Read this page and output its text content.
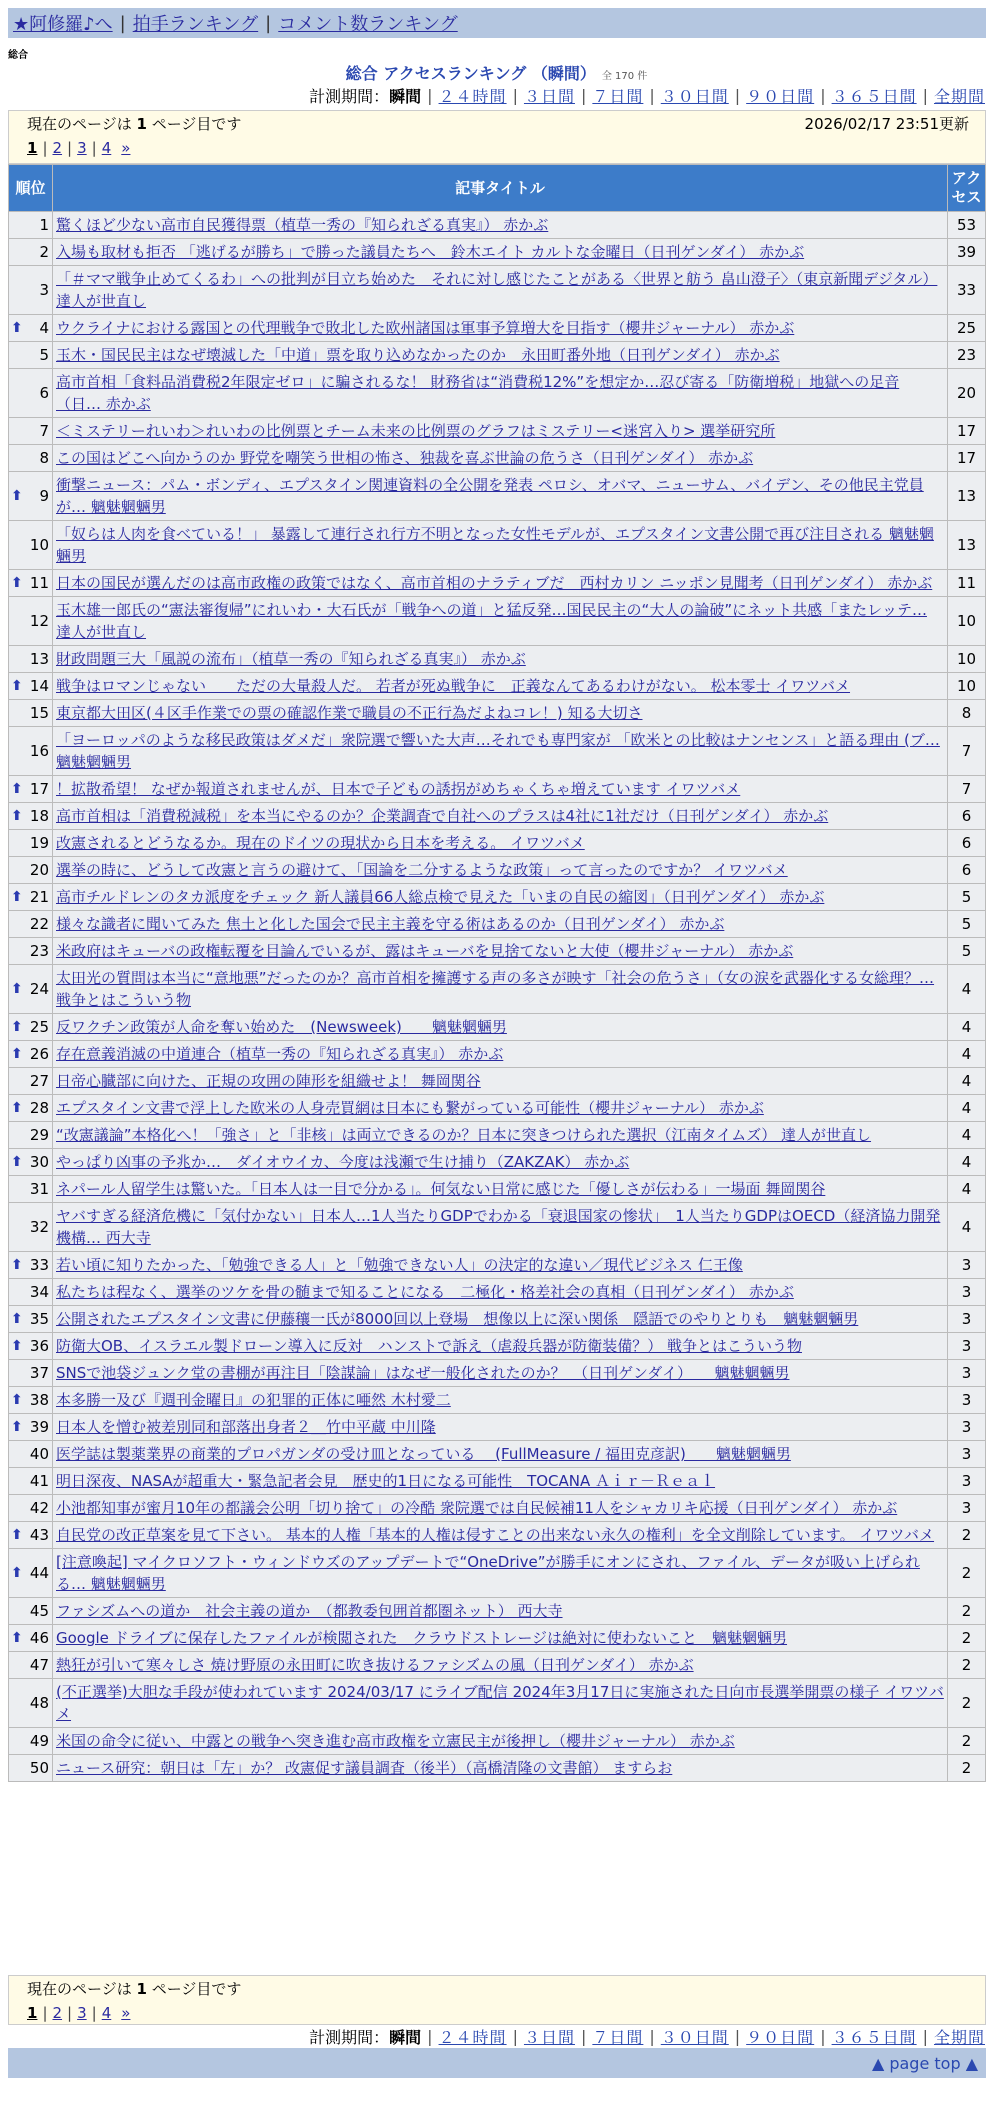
★阿修羅♪へ | 拍手ランキング | コメント数ランキング
総合
総合 アクセスランキング （瞬間） 全 170 件
計測期間： 瞬間 | ２４時間 | ３日間 | ７日間 | ３０日間 | ９０日間 | ３６５日間 | 全期間
現在のページは 1 ページ目です	2026/02/17 23:51更新
1 | 2 | 3 | 4 »
順位	記事タイトル	アクセス
1	驚くほど少ない高市自民獲得票（植草一秀の『知られざる真実』） 赤かぶ	53
2	入場も取材も拒否 「逃げるが勝ち」で勝った議員たちへ　鈴木エイト カルトな金曜日（日刊ゲンダイ） 赤かぶ	39
3	「＃ママ戦争止めてくるわ」への批判が目立ち始めた　それに対し感じたことがある〈世界と舫う 畠山澄子〉（東京新聞デジタル） 達人が世直し	33

⬆ 4	ウクライナにおける露国との代理戦争で敗北した欧州諸国は軍事予算増大を目指す（櫻井ジャーナル） 赤かぶ	25
5	玉木・国民民主はなぜ壊滅した「中道」票を取り込めなかったのか　永田町番外地（日刊ゲンダイ） 赤かぶ	23
6	高市首相「食料品消費税2年限定ゼロ」に騙されるな！ 財務省は“消費税12%”を想定か…忍び寄る「防衛増税」地獄への足音（日… 赤かぶ	20
7	＜ミステリーれいわ＞れいわの比例票とチーム未来の比例票のグラフはミステリー<迷宮入り> 選挙研究所	17
8	この国はどこへ向かうのか 野党を嘲笑う世相の怖さ、独裁を喜ぶ世論の危うさ（日刊ゲンダイ） 赤かぶ	17

⬆ 9	衝撃ニュース：パム・ボンディ、エプスタイン関連資料の全公開を発表 ペロシ、オバマ、ニューサム、バイデン、その他民主党員が… 魑魅魍魎男	13
10	「奴らは人肉を食べている！」 暴露して連行され行方不明となった女性モデルが、エプスタイン文書公開で再び注目される 魑魅魍魎男	13

⬆ 11	日本の国民が選んだのは高市政権の政策ではなく、高市首相のナラティブだ　西村カリン ニッポン見聞考（日刊ゲンダイ） 赤かぶ	11
12	玉木雄一郎氏の“憲法審復帰”にれいわ・大石氏が「戦争への道」と猛反発…国民民主の“大人の論破”にネット共感「またレッテ… 達人が世直し	10
13	財政問題三大「風説の流布」（植草一秀の『知られざる真実』） 赤かぶ	10

⬆ 14	戦争はロマンじゃない　　ただの大量殺人だ。 若者が死ぬ戦争に　正義なんてあるわけがない。 松本零士 イワツバメ	10
15	東京都大田区(４区手作業での票の確認作業で職員の不正行為だよねコレ！) 知る大切さ	8
16	「ヨーロッパのような移民政策はダメだ」衆院選で響いた大声…それでも専門家が 「欧米との比較はナンセンス」と語る理由 (ブ… 魑魅魍魎男	7

⬆ 17	！拡散希望！ なぜか報道されませんが、日本で子どもの誘拐がめちゃくちゃ増えています イワツバメ	7

⬆ 18	高市首相は「消費税減税」を本当にやるのか？企業調査で自社へのプラスは4社に1社だけ（日刊ゲンダイ） 赤かぶ	6
19	改憲されるとどうなるか。現在のドイツの現状から日本を考える。 イワツバメ	6
20	選挙の時に、どうして改憲と言うの避けて、「国論を二分するような政策」って言ったのですか？ イワツバメ	6

⬆ 21	高市チルドレンのタカ派度をチェック 新人議員66人総点検で見えた「いまの自民の縮図」（日刊ゲンダイ） 赤かぶ	5
22	様々な識者に聞いてみた 焦土と化した国会で民主主義を守る術はあるのか（日刊ゲンダイ） 赤かぶ	5
23	米政府はキューバの政権転覆を目論んでいるが、露はキューバを見捨てないと大使（櫻井ジャーナル） 赤かぶ	5

⬆ 24	太田光の質問は本当に“意地悪”だったのか？高市首相を擁護する声の多さが映す「社会の危うさ」（女の涙を武器化する女総理？… 戦争とはこういう物	4

⬆ 25	反ワクチン政策が人命を奪い始めた　(Newsweek)　　魑魅魍魎男	4

⬆ 26	存在意義消滅の中道連合（植草一秀の『知られざる真実』） 赤かぶ	4
27	日帝心臓部に向けた、正規の攻囲の陣形を組織せよ！ 舞岡関谷	4

⬆ 28	エプスタイン文書で浮上した欧米の人身売買網は日本にも繋がっている可能性（櫻井ジャーナル） 赤かぶ	4
29	“改憲議論”本格化へ！「強さ」と「非核」は両立できるのか？日本に突きつけられた選択（江南タイムズ） 達人が世直し	4

⬆ 30	やっぱり凶事の予兆か…　ダイオウイカ、今度は浅瀬で生け捕り（ZAKZAK） 赤かぶ	4
31	ネパール人留学生は驚いた。「日本人は一目で分かる」。何気ない日常に感じた「優しさが伝わる」一場面 舞岡関谷	4
32	ヤバすぎる経済危機に「気付かない」日本人…1人当たりGDPでわかる「衰退国家の惨状」　1人当たりGDPはOECD（経済協力開発機構… 西大寺	4

⬆ 33	若い頃に知りたかった、「勉強できる人」と「勉強できない人」の決定的な違い／現代ビジネス 仁王像	3
34	私たちは程なく、選挙のツケを骨の髄まで知ることになる　二極化・格差社会の真相（日刊ゲンダイ） 赤かぶ	3

⬆ 35	公開されたエプスタイン文書に伊藤穰一氏が8000回以上登場　想像以上に深い関係　隠語でのやりとりも　魑魅魍魎男	3

⬆ 36	防衛大OB、イスラエル製ドローン導入に反対　ハンストで訴え（虐殺兵器が防衛装備？） 戦争とはこういう物	3
37	SNSで池袋ジュンク堂の書棚が再注目「陰謀論」はなぜ一般化されたのか？　（日刊ゲンダイ）　　魑魅魍魎男	3

⬆ 38	本多勝一及び『週刊金曜日』の犯罪的正体に唖然 木村愛二	3

⬆ 39	日本人を憎む被差別同和部落出身者２＿竹中平蔵 中川隆	3
40	医学誌は製薬業界の商業的プロパガンダの受け皿となっている　 (FullMeasure / 福田克彦訳)　　魑魅魍魎男	3
41	明日深夜、NASAが超重大・緊急記者会見　歴史的1日になる可能性　TOCANA Ａｉｒ－Ｒｅａｌ	3
42	小池都知事が蜜月10年の都議会公明「切り捨て」の冷酷 衆院選では自民候補11人をシャカリキ応援（日刊ゲンダイ） 赤かぶ	3

⬆ 43	自民党の改正草案を見て下さい。 基本的人権「基本的人権は侵すことの出来ない永久の権利」を全文削除しています。 イワツバメ	2

⬆ 44	[注意喚起] マイクロソフト・ウィンドウズのアップデートで“OneDrive”が勝手にオンにされ、ファイル、データが吸い上げられる… 魑魅魍魎男	2
45	ファシズムへの道か　社会主義の道か　（都教委包囲首都圏ネット） 西大寺	2

⬆ 46	Google ドライブに保存したファイルが検閲された　クラウドストレージは絶対に使わないこと　魑魅魍魎男	2
47	熱狂が引いて寒々しさ 焼け野原の永田町に吹き抜けるファシズムの風（日刊ゲンダイ） 赤かぶ	2
48	(不正選挙)大胆な手段が使われています 2024/03/17 にライブ配信 2024年3月17日に実施された日向市長選挙開票の様子 イワツバメ	2
49	米国の命令に従い、中露との戦争へ突き進む高市政権を立憲民主が後押し（櫻井ジャーナル） 赤かぶ	2
50	ニュース研究：朝日は「左」か？ 改憲促す議員調査（後半）（高橋清隆の文書館） ますらお	2
現在のページは 1 ページ目です
1 | 2 | 3 | 4 »
計測期間： 瞬間 | ２４時間 | ３日間 | ７日間 | ３０日間 | ９０日間 | ３６５日間 | 全期間
▲ page top ▲
